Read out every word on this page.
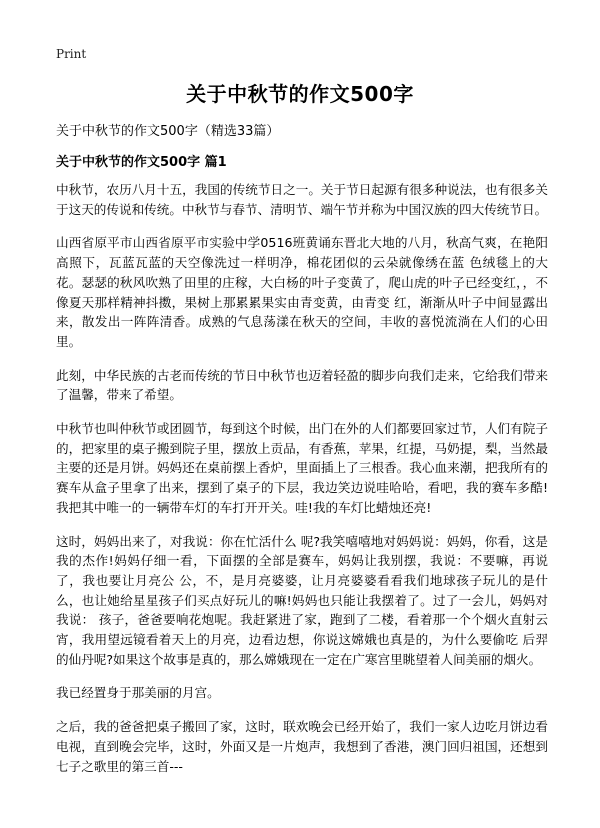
Print
关于中秋节的作文500字

关于中秋节的作文500字（精选33篇）

关于中秋节的作文500字 篇1

中秋节，农历八月十五，我国的传统节日之一。关于节日起源有很多种说法，也有很多关于这天的传说和传统。中秋节与春节、清明节、端午节并称为中国汉族的四大传统节日。

山西省原平市山西省原平市实验中学0516班黄诵东晋北大地的八月，秋高气爽，在艳阳高照下，瓦蓝瓦蓝的天空像洗过一样明净，棉花团似的云朵就像绣在蓝 色绒毯上的大花。瑟瑟的秋风吹熟了田里的庄稼，大白杨的叶子变黄了，爬山虎的叶子已经变红，，不像夏天那样精神抖擞，果树上那累累果实由青变黄，由青变 红，渐渐从叶子中间显露出来，散发出一阵阵清香。成熟的气息荡漾在秋天的空间，丰收的喜悦流淌在人们的心田里。

此刻，中华民族的古老而传统的节日中秋节也迈着轻盈的脚步向我们走来，它给我们带来了温馨，带来了希望。

中秋节也叫仲秋节或团圆节，每到这个时候，出门在外的人们都要回家过节，人们有院子的，把家里的桌子搬到院子里，摆放上贡品，有香蕉，苹果，红提，马奶提，梨，当然最主要的还是月饼。妈妈还在桌前摆上香炉，里面插上了三根香。我心血来潮，把我所有的赛车从盒子里拿了出来，摆到了桌子的下层，我边笑边说哇哈哈，看吧，我的赛车多酷!我把其中唯一的一辆带车灯的车打开开关。哇!我的车灯比蜡烛还亮!

这时，妈妈出来了，对我说：你在忙活什么 呢?我笑嘻嘻地对妈妈说：妈妈，你看，这是我的杰作!妈妈仔细一看，下面摆的全部是赛车，妈妈让我别摆，我说：不要嘛，再说了，我也要让月亮公 公，不，是月亮婆婆，让月亮婆婆看看我们地球孩子玩儿的是什么，也让她给星星孩子们买点好玩儿的嘛!妈妈也只能让我摆着了。过了一会儿，妈妈对我说： 孩子，爸爸要响花炮呢。我赶紧进了家，跑到了二楼，看着那一个个烟火直射云宵，我用望远镜看着天上的月亮，边看边想，你说这嫦娥也真是的，为什么要偷吃 后羿的仙丹呢?如果这个故事是真的，那么嫦娥现在一定在广寒宫里眺望着人间美丽的烟火。

我已经置身于那美丽的月宫。

之后，我的爸爸把桌子搬回了家，这时，联欢晚会已经开始了，我们一家人边吃月饼边看电视，直到晚会完毕，这时，外面又是一片炮声，我想到了香港，澳门回归祖国，还想到七子之歌里的第三首---
